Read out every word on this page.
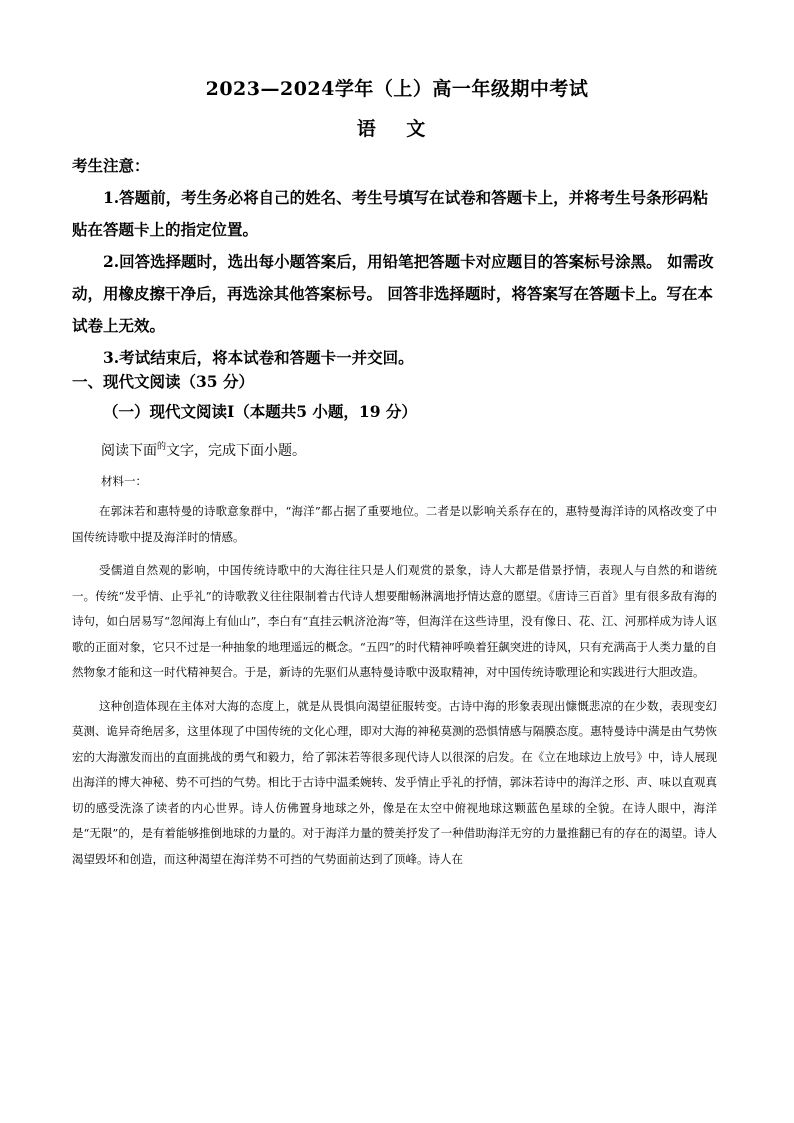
2023—2024学年（上）高一年级期中考试
语 文

考生注意：

1.答题前，考生务必将自己的姓名、考生号填写在试卷和答题卡上，并将考生号条形码粘贴在答题卡上的指定位置。

2.回答选择题时，选出每小题答案后，用铅笔把答题卡对应题目的答案标号涂黑。 如需改动，用橡皮擦干净后，再选涂其他答案标号。 回答非选择题时，将答案写在答题卡上。写在本试卷上无效。

3.考试结束后，将本试卷和答题卡一并交回。

一、现代文阅读（35 分）
（一）现代文阅读Ⅰ（本题共5 小题，19 分）
阅读下面$^的$文字，完成下面小题。
材料一：

在郭沫若和惠特曼的诗歌意象群中，“海洋”都占据了重要地位。二者是以影响关系存在的，惠特曼海洋诗的风格改变了中国传统诗歌中提及海洋时的情感。

受儒道自然观的影响，中国传统诗歌中的大海往往只是人们观赏的景象，诗人大都是借景抒情，表现人与自然的和谐统一。传统“发乎情、止乎礼”的诗歌教义往往限制着古代诗人想要酣畅淋漓地抒情达意的愿望。《唐诗三百首》里有很多敌有海的诗句，如白居易写“忽闻海上有仙山”，李白有“直挂云帆济沧海”等，但海洋在这些诗里，没有像日、花、江、河那样成为诗人讴歌的正面对象，它只不过是一种抽象的地理遥远的概念。“五四”的时代精神呼唤着狂飙突进的诗风，只有充满高于人类力量的自然物象才能和这一时代精神契合。于是，新诗的先驱们从惠特曼诗歌中汲取精神，对中国传统诗歌理论和实践进行大胆改造。

这种创造体现在主体对大海的态度上，就是从畏惧向渴望征服转变。古诗中海的形象表现出慷慨悲凉的在少数，表现变幻莫测、诡异奇绝居多，这里体现了中国传统的文化心理，即对大海的神秘莫测的恐惧情感与隔膜态度。惠特曼诗中满是由气势恢宏的大海激发而出的直面挑战的勇气和毅力，给了郭沫若等很多现代诗人以很深的启发。在《立在地球边上放号》中，诗人展现出海洋的博大神秘、势不可挡的气势。相比于古诗中温柔婉转、发乎情止乎礼的抒情，郭沫若诗中的海洋之形、声、味以直观真切的感受洗涤了读者的内心世界。诗人仿佛置身地球之外，像是在太空中俯视地球这颗蓝色星球的全貌。在诗人眼中，海洋是“无限”的，是有着能够推倒地球的力量的。对于海洋力量的赞美抒发了一种借助海洋无穷的力量推翻已有的存在的渴望。诗人渴望毁坏和创造，而这种渴望在海洋势不可挡的气势面前达到了顶峰。诗人在
